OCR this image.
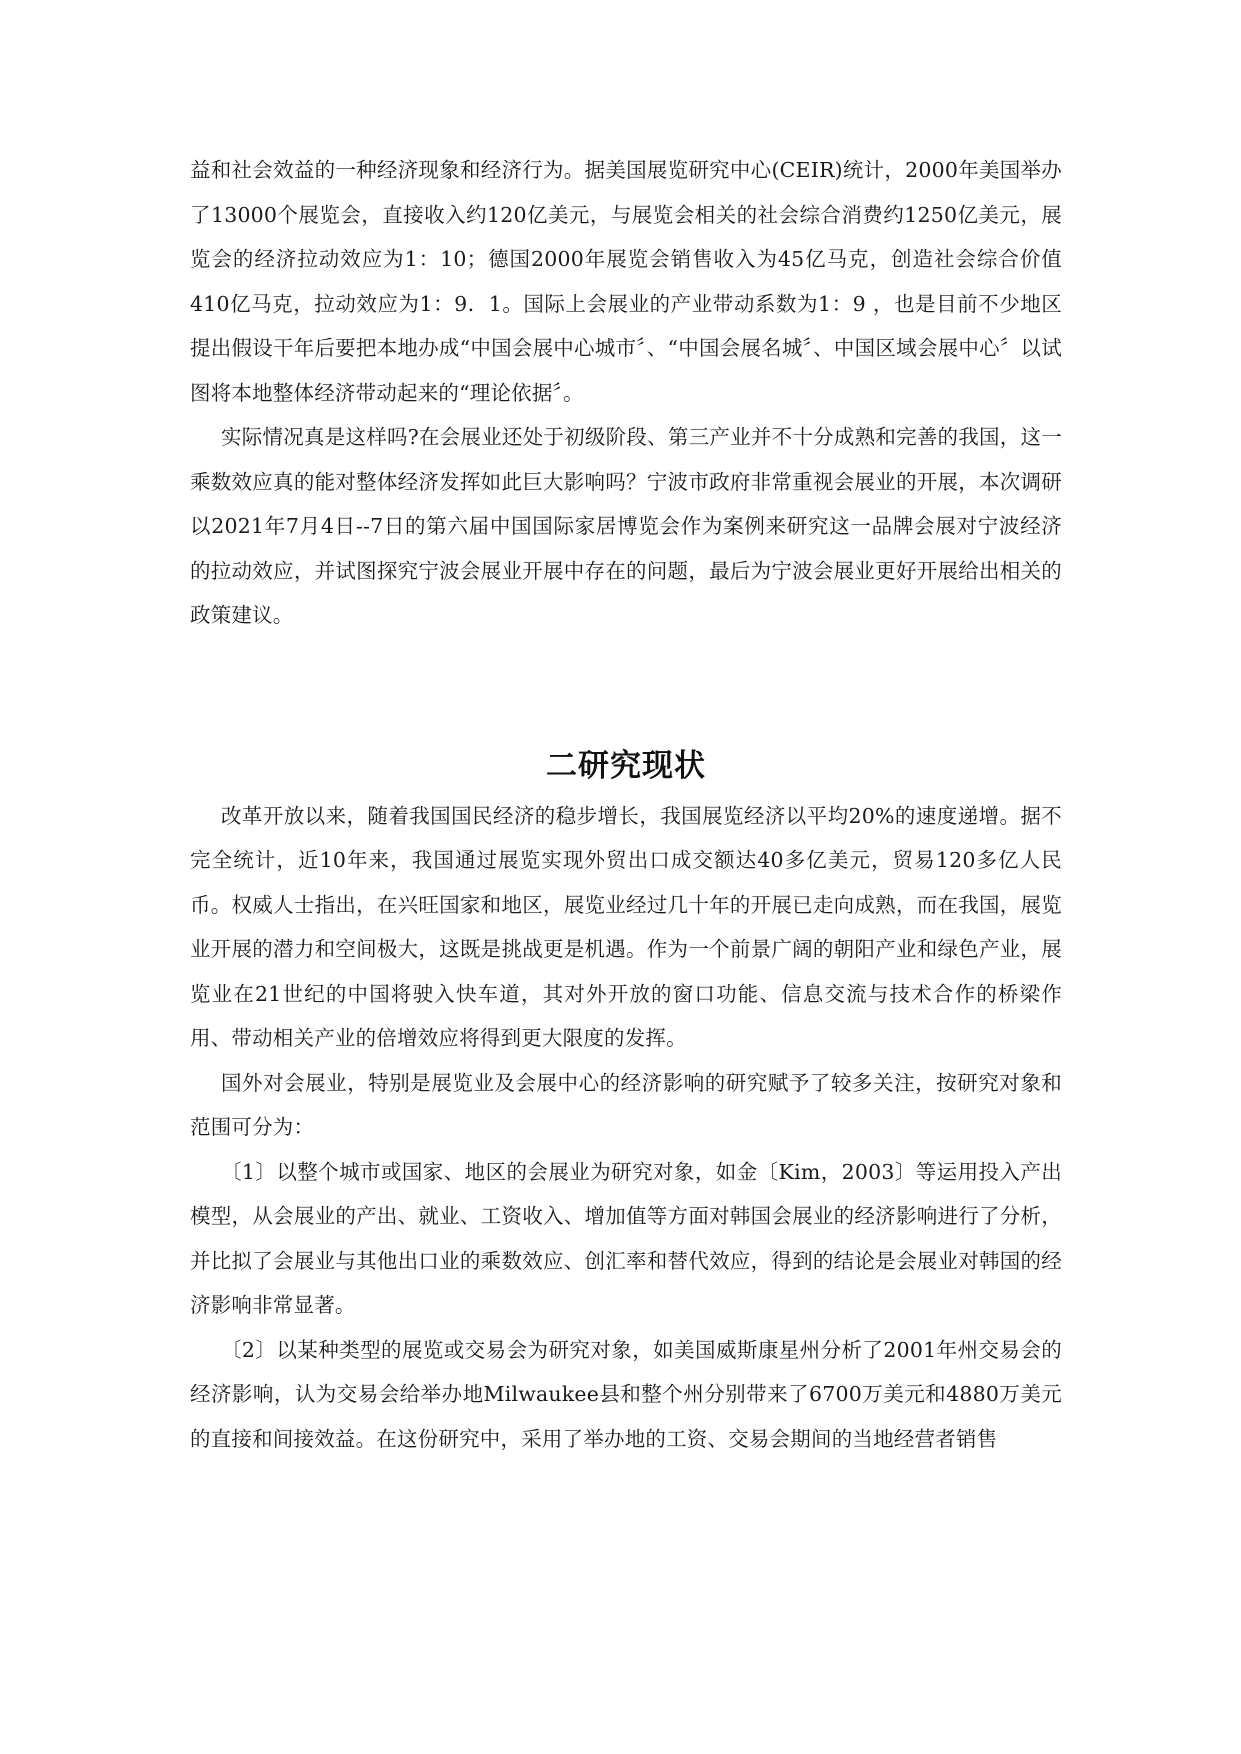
益和社会效益的一种经济现象和经济行为。据美国展览研究中心(CEIR)统计，2000年美国举办了13000个展览会，直接收入约120亿美元，与展览会相关的社会综合消费约1250亿美元，展览会的经济拉动效应为1：10；德国2000年展览会销售收入为45亿马克，创造社会综合价值410亿马克，拉动效应为1：9．1。国际上会展业的产业带动系数为1：9 ，也是目前不少地区提出假设干年后要把本地办成“中国会展中心城市〞、“中国会展名城〞、中国区域会展中心〞以试图将本地整体经济带动起来的“理论依据〞。

实际情况真是这样吗?在会展业还处于初级阶段、第三产业并不十分成熟和完善的我国，这一乘数效应真的能对整体经济发挥如此巨大影响吗？宁波市政府非常重视会展业的开展，本次调研以2021年7月4日--7日的第六届中国国际家居博览会作为案例来研究这一品牌会展对宁波经济的拉动效应，并试图探究宁波会展业开展中存在的问题，最后为宁波会展业更好开展给出相关的政策建议。

二研究现状

改革开放以来，随着我国国民经济的稳步增长，我国展览经济以平均20%的速度递增。据不完全统计，近10年来，我国通过展览实现外贸出口成交额达40多亿美元，贸易120多亿人民币。权威人士指出，在兴旺国家和地区，展览业经过几十年的开展已走向成熟，而在我国，展览业开展的潜力和空间极大，这既是挑战更是机遇。作为一个前景广阔的朝阳产业和绿色产业，展览业在21世纪的中国将驶入快车道，其对外开放的窗口功能、信息交流与技术合作的桥梁作用、带动相关产业的倍增效应将得到更大限度的发挥。

国外对会展业，特别是展览业及会展中心的经济影响的研究赋予了较多关注，按研究对象和范围可分为：

〔1〕以整个城市或国家、地区的会展业为研究对象，如金〔Kim，2003〕等运用投入产出模型，从会展业的产出、就业、工资收入、增加值等方面对韩国会展业的经济影响进行了分析，并比拟了会展业与其他出口业的乘数效应、创汇率和替代效应，得到的结论是会展业对韩国的经济影响非常显著。

〔2〕以某种类型的展览或交易会为研究对象，如美国威斯康星州分析了2001年州交易会的经济影响，认为交易会给举办地Milwaukee县和整个州分别带来了6700万美元和4880万美元的直接和间接效益。在这份研究中，采用了举办地的工资、交易会期间的当地经营者销售
